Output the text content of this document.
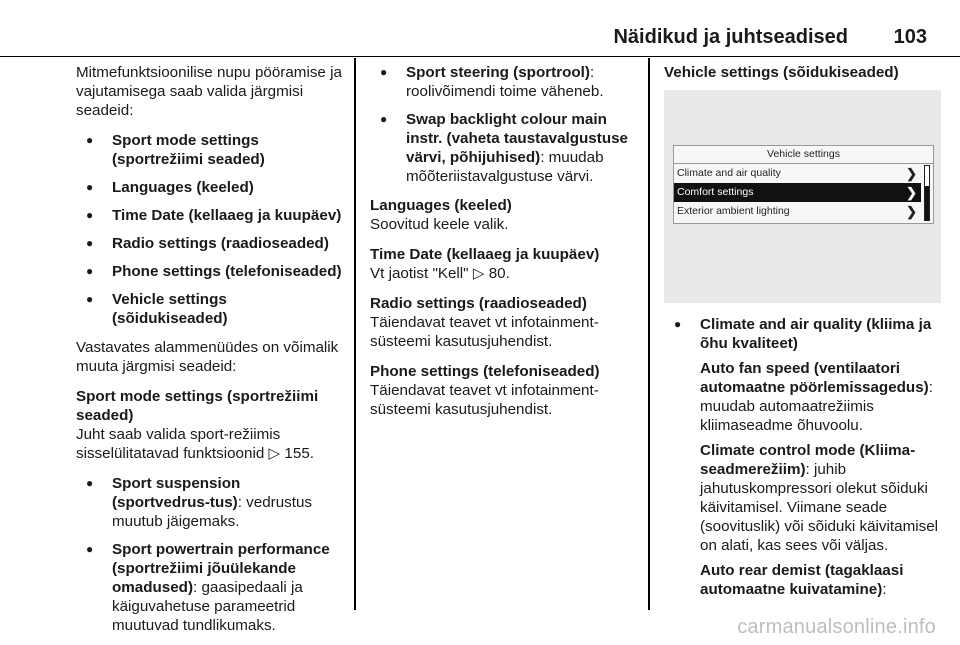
Näidikud ja juhtseadised 103

Mitmefunktsioonilise nupu pööramise ja vajutamisega saab valida järgmisi seadeid:

● Sport mode settings (sportrežiimi seaded)
● Languages (keeled)
● Time Date (kellaaeg ja kuupäev)
● Radio settings (raadioseaded)
● Phone settings (telefoniseaded)
● Vehicle settings (sõidukiseaded)

Vastavates alammenüüdes on võimalik muuta järgmisi seadeid:

Sport mode settings (sportrežiimi seaded)

Juht saab valida sport-režiimis sisselülitatavad funktsioonid ▷ 155.

● Sport suspension (sportvedrus-tus): vedrustus muutub jäigemaks.
● Sport powertrain performance (sportrežiimi jõuülekande omadused): gaasipedaali ja käiguvahetuse parameetrid muutuvad tundlikumaks.
● Sport steering (sportrool): roolivõimendi toime väheneb.
● Swap backlight colour main instr. (vaheta taustavalgustuse värvi, põhijuhised): muudab mõõteriistavalgustuse värvi.
Languages (keeled)

Soovitud keele valik.

Time Date (kellaaeg ja kuupäev)

Vt jaotist "Kell" ▷ 80.

Radio settings (raadioseaded)

Täiendavat teavet vt infotainment-süsteemi kasutusjuhendist.

Phone settings (telefoniseaded)

Täiendavat teavet vt infotainment-süsteemi kasutusjuhendist.

Vehicle settings (sõidukiseaded)
Vehicle settings
Climate and air quality	❯
Comfort settings	❯
Exterior ambient lighting	❯
● Climate and air quality (kliima ja õhu kvaliteet)
Auto fan speed (ventilaatori automaatne pöörlemissagedus): muudab automaatrežiimis kliimaseadme õhuvoolu.
Climate control mode (Kliima-seadmerežiim): juhib jahutuskompressori olekut sõiduki käivitamisel. Viimane seade (soovituslik) või sõiduki käivitamisel on alati, kas sees või väljas.
Auto rear demist (tagaklaasi automaatne kuivatamine):
carmanualsonline.info
